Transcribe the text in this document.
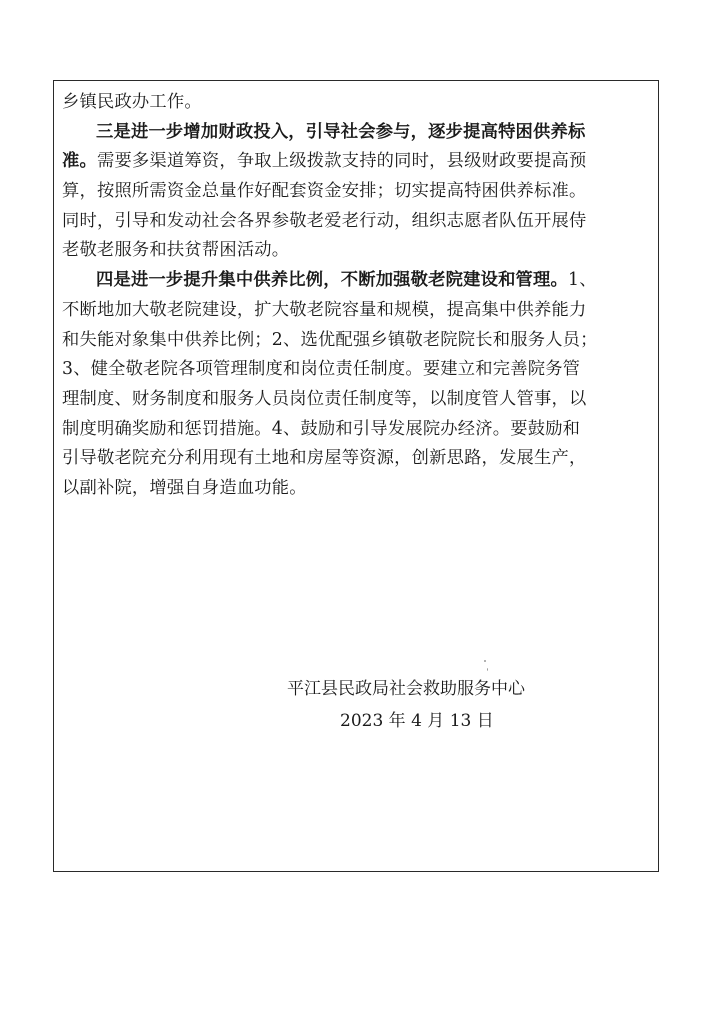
乡镇民政办工作。
三是进一步增加财政投入，引导社会参与，逐步提高特困供养标
准。需要多渠道筹资，争取上级拨款支持的同时，县级财政要提高预
算，按照所需资金总量作好配套资金安排；切实提高特困供养标准。
同时，引导和发动社会各界参敬老爱老行动，组织志愿者队伍开展侍
老敬老服务和扶贫帮困活动。
四是进一步提升集中供养比例，不断加强敬老院建设和管理。1、
不断地加大敬老院建设，扩大敬老院容量和规模，提高集中供养能力
和失能对象集中供养比例；2、选优配强乡镇敬老院院长和服务人员；
3、健全敬老院各项管理制度和岗位责任制度。要建立和完善院务管
理制度、财务制度和服务人员岗位责任制度等，以制度管人管事，以
制度明确奖励和惩罚措施。4、鼓励和引导发展院办经济。要鼓励和
引导敬老院充分利用现有土地和房屋等资源，创新思路，发展生产，
以副补院，增强自身造血功能。
平江县民政局社会救助服务中心
2023 年 4 月 13 日
